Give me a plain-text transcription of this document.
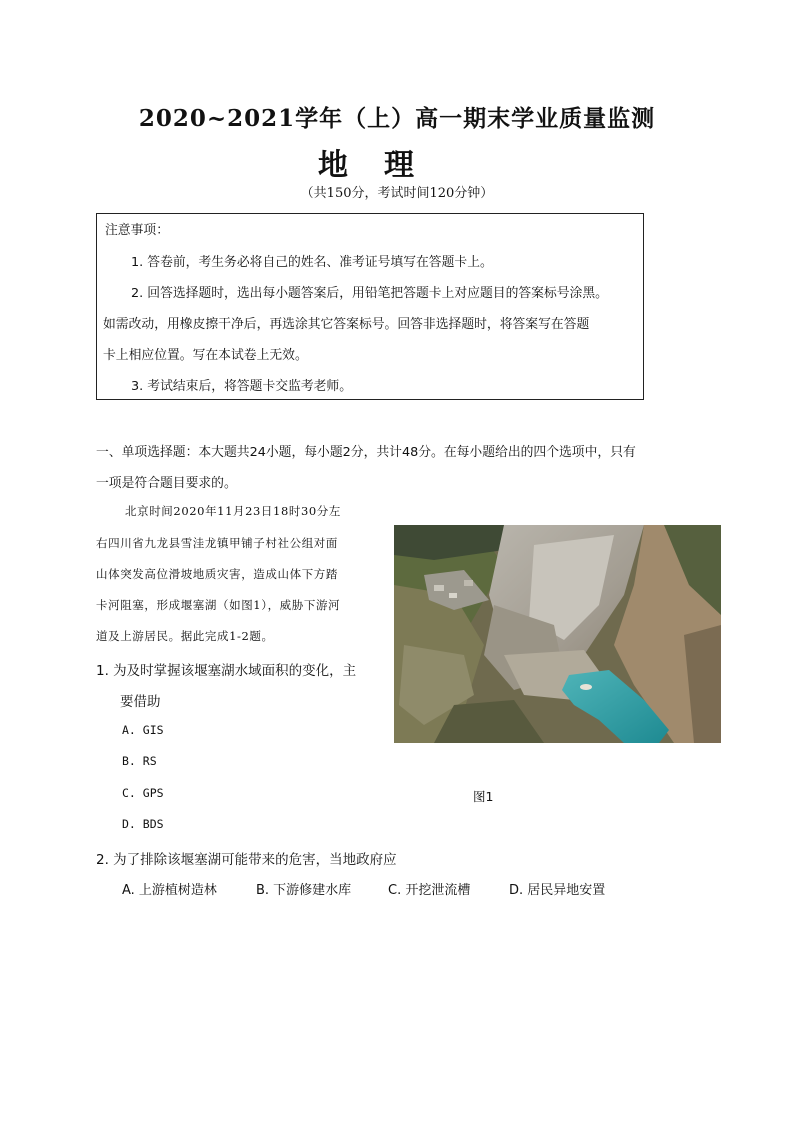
2020~2021学年（上）高一期末学业质量监测
地理
（共150分，考试时间120分钟）
注意事项：
1. 答卷前，考生务必将自己的姓名、准考证号填写在答题卡上。
2. 回答选择题时，选出每小题答案后，用铅笔把答题卡上对应题目的答案标号涂黑。
如需改动，用橡皮擦干净后，再选涂其它答案标号。回答非选择题时，将答案写在答题
卡上相应位置。写在本试卷上无效。
3. 考试结束后，将答题卡交监考老师。
一、单项选择题：本大题共24小题，每小题2分，共计48分。在每小题给出的四个选项中，只有
一项是符合题目要求的。
北京时间2020年11月23日18时30分左
右四川省九龙县雪洼龙镇甲铺子村社公组对面
山体突发高位滑坡地质灾害，造成山体下方踏
卡河阻塞，形成堰塞湖（如图1），威胁下游河
道及上游居民。据此完成1-2题。
1. 为及时掌握该堰塞湖水域面积的变化，主
要借助
A. GIS
B. RS
C. GPS
D. BDS
图1
2. 为了排除该堰塞湖可能带来的危害，当地政府应
A. 上游植树造林	B. 下游修建水库	C. 开挖泄流槽	D. 居民异地安置
